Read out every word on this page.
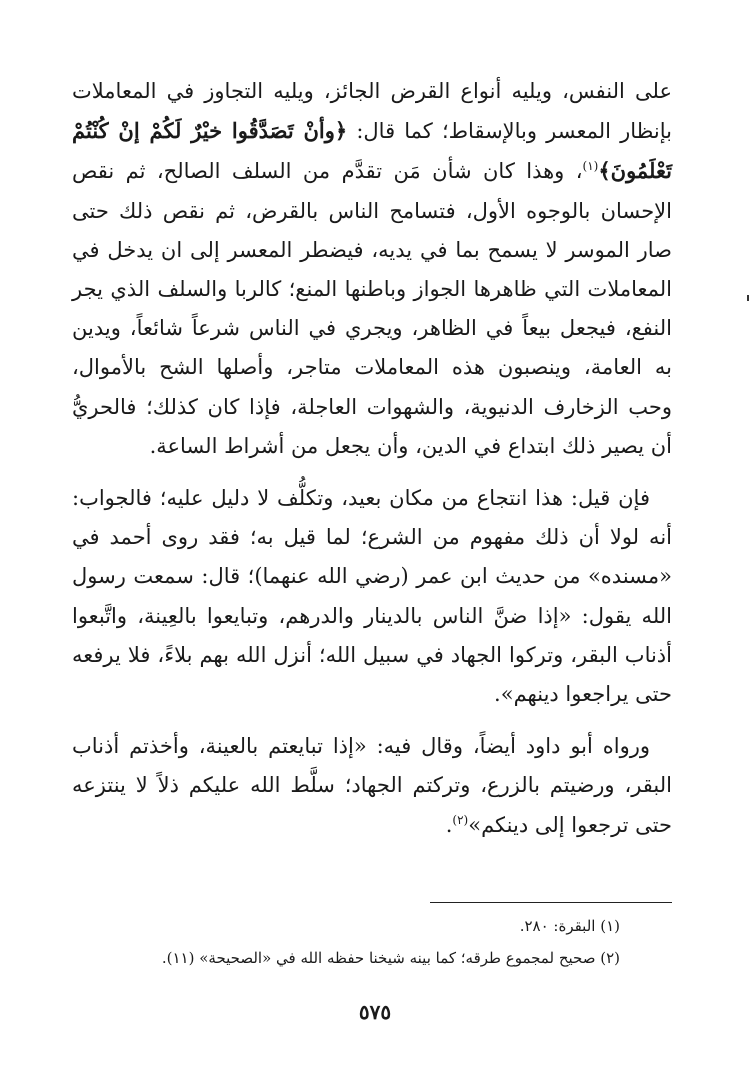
على النفس، ويليه أنواع القرض الجائز، ويليه التجاوز في المعاملات بإنظار المعسر وبالإسقاط؛ كما قال: ﴿وأنْ تَصَدَّقُوا خيْرٌ لَكُمْ إنْ كُنْتُمْ تَعْلَمُونَ﴾$^{(١)}$، وهذا كان شأن مَن تقدَّم من السلف الصالح، ثم نقص الإحسان بالوجوه الأول، فتسامح الناس بالقرض، ثم نقص ذلك حتى صار الموسر لا يسمح بما في يديه، فيضطر المعسر إلى ان يدخل في المعاملات التي ظاهرها الجواز وباطنها المنع؛ كالربا والسلف الذي يجر النفع، فيجعل بيعاً في الظاهر، ويجري في الناس شرعاً شائعاً، ويدين به العامة، وينصبون هذه المعاملات متاجر، وأصلها الشح بالأموال، وحب الزخارف الدنيوية، والشهوات العاجلة، فإذا كان كذلك؛ فالحريُّ أن يصير ذلك ابتداع في الدين، وأن يجعل من أشراط الساعة.

فإن قيل: هذا انتجاع من مكان بعيد، وتكلُّف لا دليل عليه؛ فالجواب: أنه لولا أن ذلك مفهوم من الشرع؛ لما قيل به؛ فقد روى أحمد في «مسنده» من حديث ابن عمر (رضي الله عنهما)؛ قال: سمعت رسول الله يقول: «إذا ضنَّ الناس بالدينار والدرهم، وتبايعوا بالعِينة، واتَّبعوا أذناب البقر، وتركوا الجهاد في سبيل الله؛ أنزل الله بهم بلاءً، فلا يرفعه حتى يراجعوا دينهم».

ورواه أبو داود أيضاً، وقال فيه: «إذا تبايعتم بالعينة، وأخذتم أذناب البقر، ورضيتم بالزرع، وتركتم الجهاد؛ سلَّط الله عليكم ذلاً لا ينتزعه حتى ترجعوا إلى دينكم»$^{(٢)}$.

(١) البقرة: ٢٨٠.

(٢) صحيح لمجموع طرقه؛ كما بينه شيخنا حفظه الله في «الصحيحة» (١١).

٥٧٥
